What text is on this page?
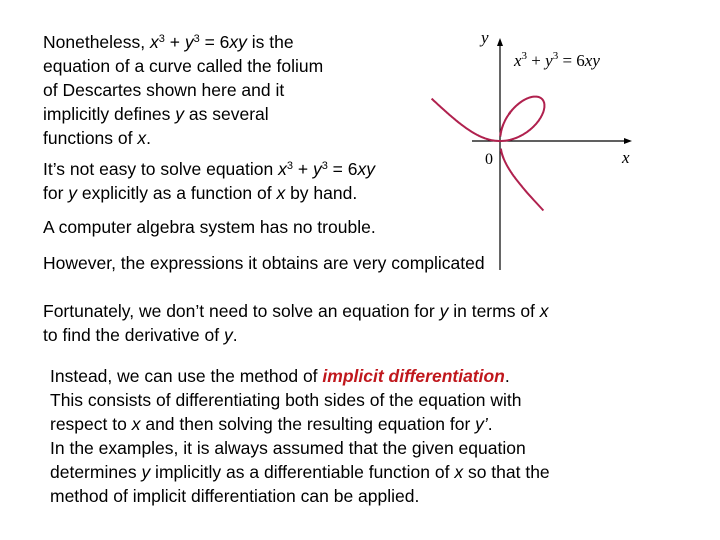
Nonetheless, $x^3 + y^3 = 6xy$ is the
equation of a curve called the folium
of Descartes shown here and it
implicitly defines y as several
functions of x.
It’s not easy to solve equation $x^3 + y^3 = 6xy$
for y explicitly as a function of x by hand.
A computer algebra system has no trouble.
However, the expressions it obtains are very complicated
Fortunately, we don’t need to solve an equation for y in terms of x
to find the derivative of y.
Instead, we can use the method of implicit differentiation.
This consists of differentiating both sides of the equation with
respect to x and then solving the resulting equation for y’.
In the examples, it is always assumed that the given equation
determines y implicitly as a differentiable function of x so that the
method of implicit differentiation can be applied.
y
x
0
$x^3 + y^3 = 6xy$
